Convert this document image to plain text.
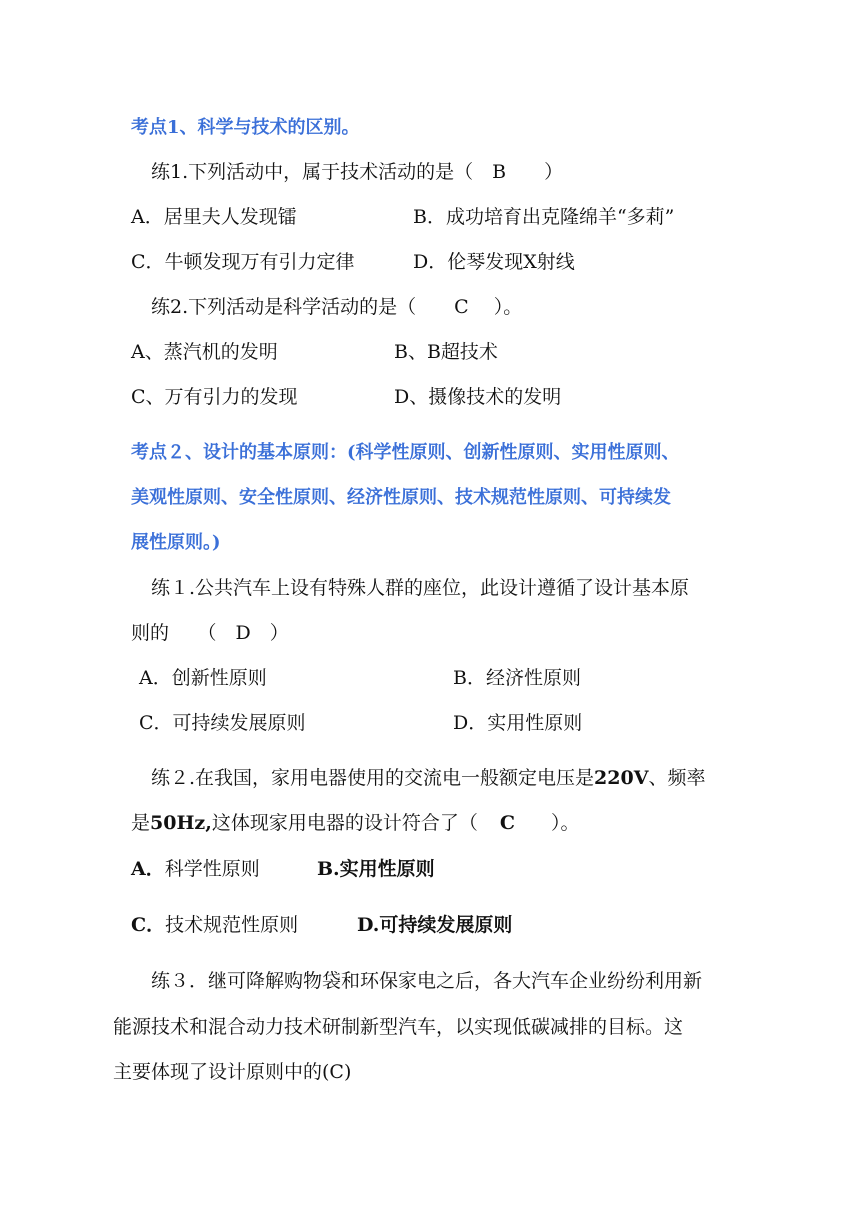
考点1、科学与技术的区别。
练1.下列活动中，属于技术活动的是（　B　　）
A．居里夫人发现镭	B．成功培育出克隆绵羊“多莉”
C．牛顿发现万有引力定律	D．伦琴发现X射线
练2.下列活动是科学活动的是（　　C　 ）。
A、蒸汽机的发明	B、B超技术
C、万有引力的发现	D、摄像技术的发明
考点２、设计的基本原则：(科学性原则、创新性原则、实用性原则、
美观性原则、安全性原则、经济性原则、技术规范性原则、可持续发
展性原则。)
练１.公共汽车上设有特殊人群的座位，此设计遵循了设计基本原
则的　　（　D　）
A．创新性原则	B．经济性原则
C．可持续发展原则	D．实用性原则
练２.在我国，家用电器使用的交流电一般额定电压是220V、频率
是50Hz,这体现家用电器的设计符合了（ C ）。
A．科学性原则	B.实用性原则
C．技术规范性原则	D.可持续发展原则
练３．继可降解购物袋和环保家电之后，各大汽车企业纷纷利用新
能源技术和混合动力技术研制新型汽车，以实现低碳减排的目标。这
主要体现了设计原则中的(C)
